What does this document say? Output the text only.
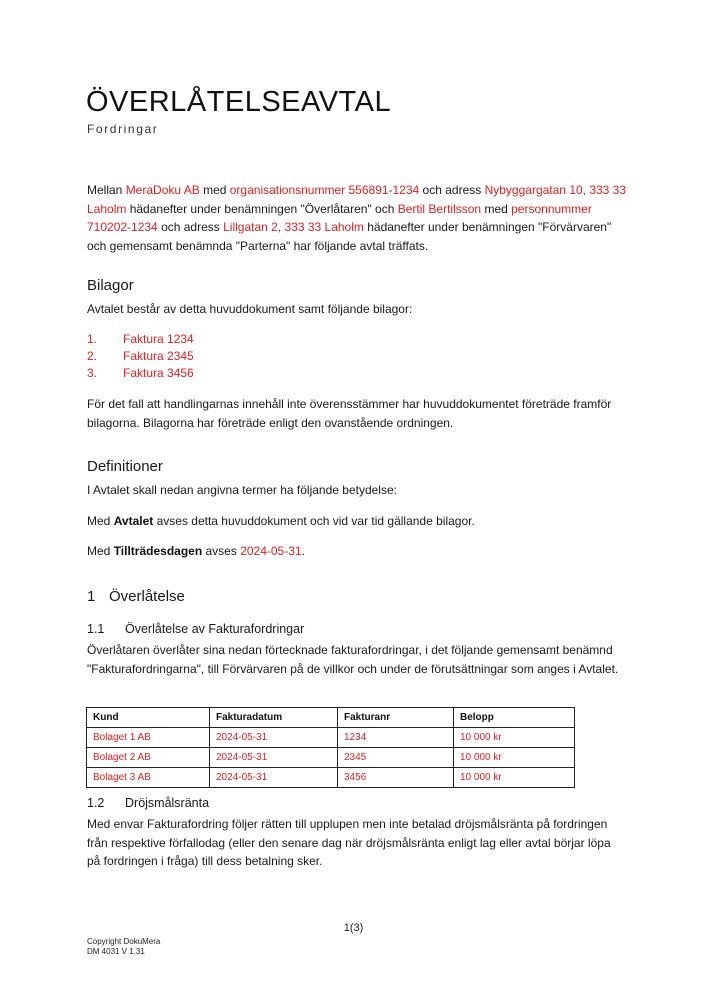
ÖVERLÅTELSEAVTAL
Fordringar
Mellan MeraDoku AB med organisationsnummer 556891-1234 och adress Nybyggargatan 10, 333 33 Laholm hädanefter under benämningen "Överlåtaren" och Bertil Bertilsson med personnummer 710202-1234 och adress Lillgatan 2, 333 33 Laholm hädanefter under benämningen "Förvärvaren" och gemensamt benämnda "Parterna" har följande avtal träffats.
Bilagor
Avtalet består av detta huvuddokument samt följande bilagor:
1. Faktura 1234
2. Faktura 2345
3. Faktura 3456
För det fall att handlingarnas innehåll inte överensstämmer har huvuddokumentet företräde framför bilagorna. Bilagorna har företräde enligt den ovanstående ordningen.
Definitioner
I Avtalet skall nedan angivna termer ha följande betydelse:
Med Avtalet avses detta huvuddokument och vid var tid gällande bilagor.
Med Tillträdesdagen avses 2024-05-31.
1 Överlåtelse
1.1 Överlåtelse av Fakturafordringar
Överlåtaren överlåter sina nedan förtecknade fakturafordringar, i det följande gemensamt benämnd "Fakturafordringarna", till Förvärvaren på de villkor och under de förutsättningar som anges i Avtalet.
Kund	Fakturadatum	Fakturanr	Belopp
Bolaget 1 AB	2024-05-31	1234	10 000 kr
Bolaget 2 AB	2024-05-31	2345	10 000 kr
Bolaget 3 AB	2024-05-31	3456	10 000 kr
1.2 Dröjsmålsränta
Med envar Fakturafordring följer rätten till upplupen men inte betalad dröjsmålsränta på fordringen från respektive förfallodag (eller den senare dag när dröjsmålsränta enligt lag eller avtal börjar löpa på fordringen i fråga) till dess betalning sker.
1(3)
Copyright DokuMera
DM 4031 V 1.31
